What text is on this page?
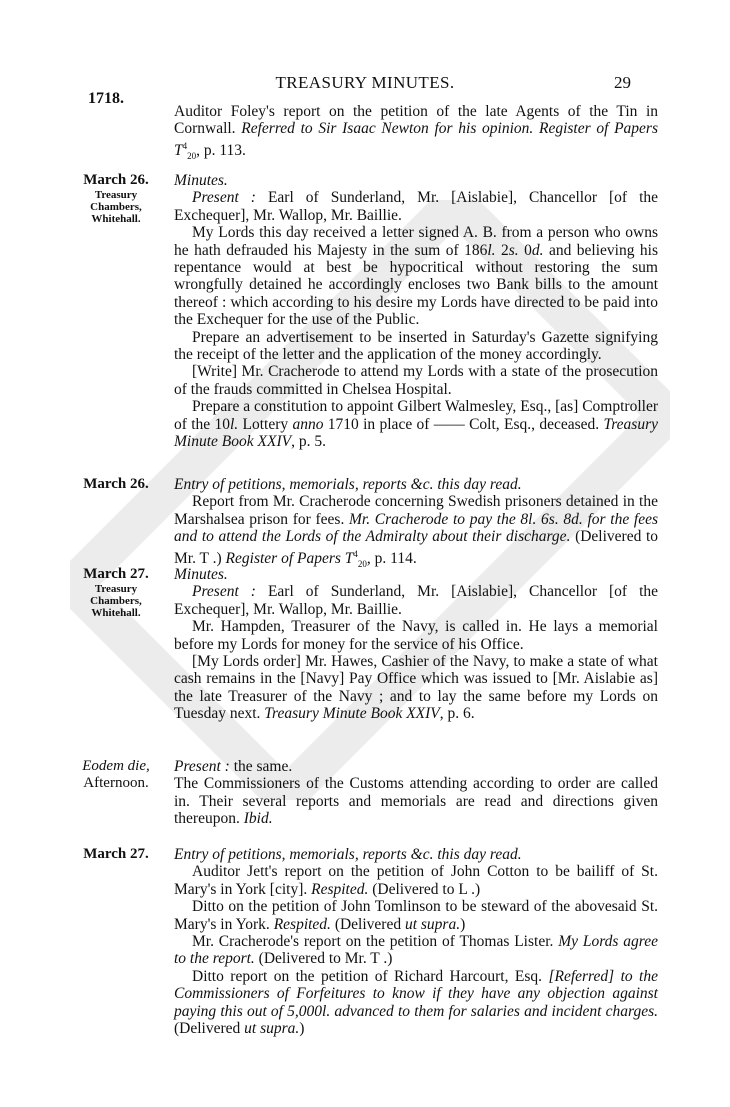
TREASURY MINUTES.	29
1718.

Auditor Foley's report on the petition of the late Agents of the Tin in Cornwall. Referred to Sir Isaac Newton for his opinion. Register of Papers $T^4_{20}$, p. 113.

March 26.
Treasury
Chambers,
Whitehall.

Minutes.

Present : Earl of Sunderland, Mr. [Aislabie], Chancellor [of the Exchequer], Mr. Wallop, Mr. Baillie.

My Lords this day received a letter signed A. B. from a person who owns he hath defrauded his Majesty in the sum of 186l. 2s. 0d. and believing his repentance would at best be hypocritical without restoring the sum wrongfully detained he accordingly encloses two Bank bills to the amount thereof : which according to his desire my Lords have directed to be paid into the Exchequer for the use of the Public.

Prepare an advertisement to be inserted in Saturday's Gazette signifying the receipt of the letter and the application of the money accordingly.

[Write] Mr. Cracherode to attend my Lords with a state of the prosecution of the frauds committed in Chelsea Hospital.

Prepare a constitution to appoint Gilbert Walmesley, Esq., [as] Comptroller of the 10l. Lottery anno 1710 in place of —— Colt, Esq., deceased. Treasury Minute Book XXIV, p. 5.

March 26.	Entry of petitions, memorials, reports &c. this day read.

Report from Mr. Cracherode concerning Swedish prisoners detained in the Marshalsea prison for fees. Mr. Cracherode to pay the 8l. 6s. 8d. for the fees and to attend the Lords of the Admiralty about their discharge. (Delivered to Mr. T .) Register of Papers $T^4_{20}$, p. 114.

March 27.
Treasury
Chambers,
Whitehall.

Minutes.

Present : Earl of Sunderland, Mr. [Aislabie], Chancellor [of the Exchequer], Mr. Wallop, Mr. Baillie.

Mr. Hampden, Treasurer of the Navy, is called in. He lays a memorial before my Lords for money for the service of his Office.

[My Lords order] Mr. Hawes, Cashier of the Navy, to make a state of what cash remains in the [Navy] Pay Office which was issued to [Mr. Aislabie as] the late Treasurer of the Navy ; and to lay the same before my Lords on Tuesday next. Treasury Minute Book XXIV, p. 6.

Eodem die,
Afternoon.

Present : the same.

The Commissioners of the Customs attending according to order are called in. Their several reports and memorials are read and directions given thereupon. Ibid.

March 27.	Entry of petitions, memorials, reports &c. this day read.

Auditor Jett's report on the petition of John Cotton to be bailiff of St. Mary's in York [city]. Respited. (Delivered to L .)

Ditto on the petition of John Tomlinson to be steward of the abovesaid St. Mary's in York. Respited. (Delivered ut supra.)

Mr. Cracherode's report on the petition of Thomas Lister. My Lords agree to the report. (Delivered to Mr. T .)

Ditto report on the petition of Richard Harcourt, Esq. [Referred] to the Commissioners of Forfeitures to know if they have any objection against paying this out of 5,000l. advanced to them for salaries and incident charges. (Delivered ut supra.)
